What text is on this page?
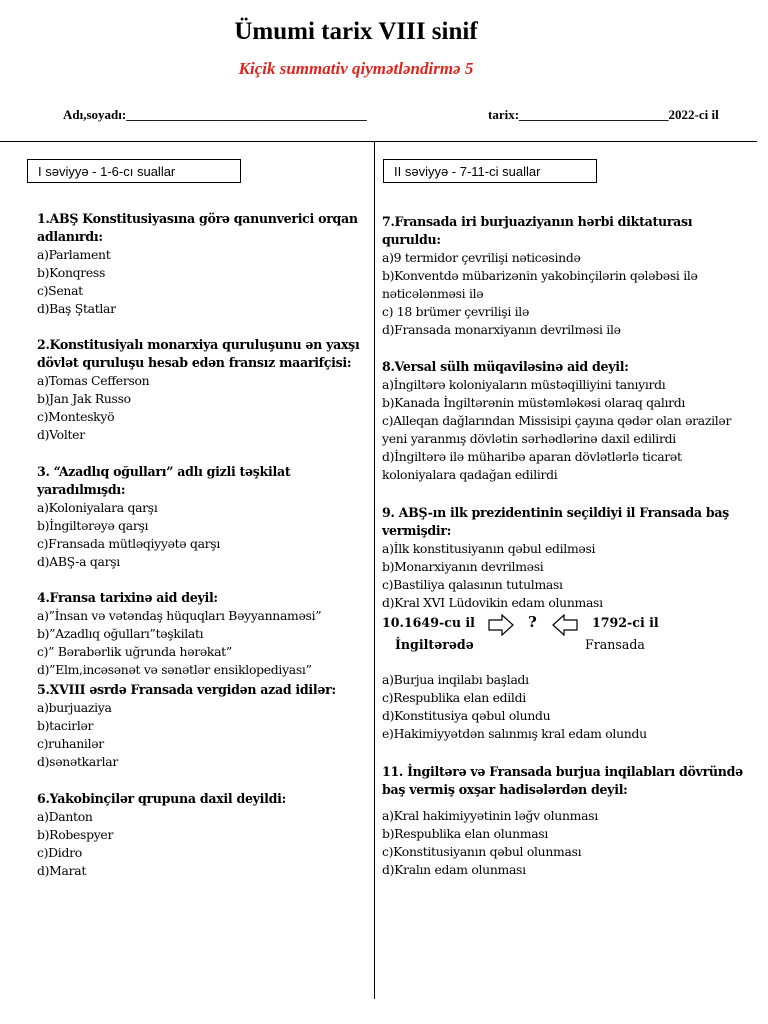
Ümumi tarix VIII sinif
Kiçik summativ qiymətləndirmə 5
Adı,soyadı:_____________________________________	tarix:_______________________2022-ci il
I səviyyə - 1-6-cı suallar	II səviyyə - 7-11-ci suallar
1.ABŞ Konstitusiyasına görə qanunverici orqan adlanırdı:
a)Parlament
b)Konqress
c)Senat
d)Baş Ştatlar
2.Konstitusiyalı monarxiya quruluşunu ən yaxşı dövlət quruluşu hesab edən fransız maarifçisi:
a)Tomas Cefferson
b)Jan Jak Russo
c)Monteskyö
d)Volter
3. “Azadlıq oğulları” adlı gizli təşkilat yaradılmışdı:
a)Koloniyalara qarşı
b)İngiltərəyə qarşı
c)Fransada mütləqiyyətə qarşı
d)ABŞ-a qarşı
4.Fransa tarixinə aid deyil:
a)”İnsan və vətəndaş hüquqları Bəyyannaməsi”
b)”Azadlıq oğulları”təşkilatı
c)” Bərabərlik uğrunda hərəkat”
d)”Elm,incəsənət və sənətlər ensiklopediyası”
5.XVIII əsrdə Fransada vergidən azad idilər:
a)burjuaziya
b)tacirlər
c)ruhanilər
d)sənətkarlar
6.Yakobinçilər qrupuna daxil deyildi:
a)Danton
b)Robespyer
c)Didro
d)Marat
7.Fransada iri burjuaziyanın hərbi diktaturası quruldu:
a)9 termidor çevrilişi nəticəsində
b)Konventdə mübarizənin yakobinçilərin qələbəsi ilə nəticələnməsi ilə
c) 18 brümer çevrilişi ilə
d)Fransada monarxiyanın devrilməsi ilə
8.Versal sülh müqaviləsinə aid deyil:
a)İngiltərə koloniyaların müstəqilliyini tanıyırdı
b)Kanada İngiltərənin müstəmləkəsi olaraq qalırdı
c)Alleqan dağlarından Missisipi çayına qədər olan ərazilər yeni yaranmış dövlətin sərhədlərinə daxil edilirdi
d)İngiltərə ilə müharibə aparan dövlətlərlə ticarət koloniyalara qadağan edilirdi
9. ABŞ-ın ilk prezidentinin seçildiyi il Fransada baş vermişdir:
a)İlk konstitusiyanın qəbul edilməsi
b)Monarxiyanın devrilməsi
c)Bastiliya qalasının tutulması
d)Kral XVI Lüdovikin edam olunması
10.1649-cu il
İngiltərədə
?	1792-ci il
Fransada
a)Burjua inqilabı başladı
c)Respublika elan edildi
d)Konstitusiya qəbul olundu
e)Hakimiyyətdən salınmış kral edam olundu
11. İngiltərə və Fransada burjua inqilabları dövründə baş vermiş oxşar hadisələrdən deyil:
a)Kral hakimiyyətinin ləğv olunması
b)Respublika elan olunması
c)Konstitusiyanın qəbul olunması
d)Kralın edam olunması
